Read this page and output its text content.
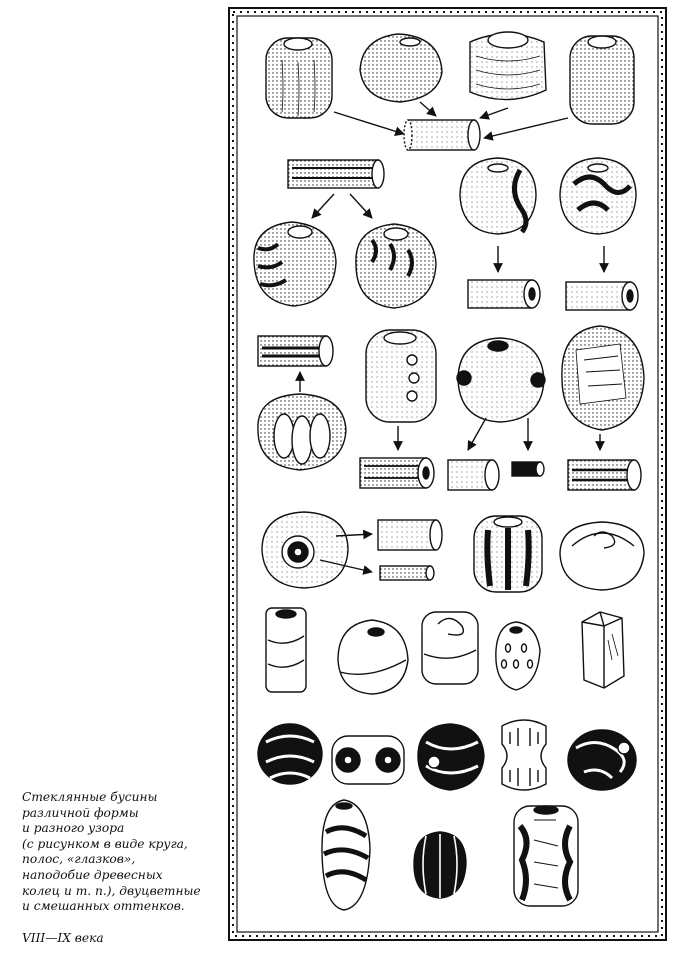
Стеклянные бусины
различной формы
и разного узора
(с рисунком в виде круга,
полос, «глазков»,
наподобие древесных
колец и т. п.), двуцветные
и смешанных оттенков.
VIII—IX века
